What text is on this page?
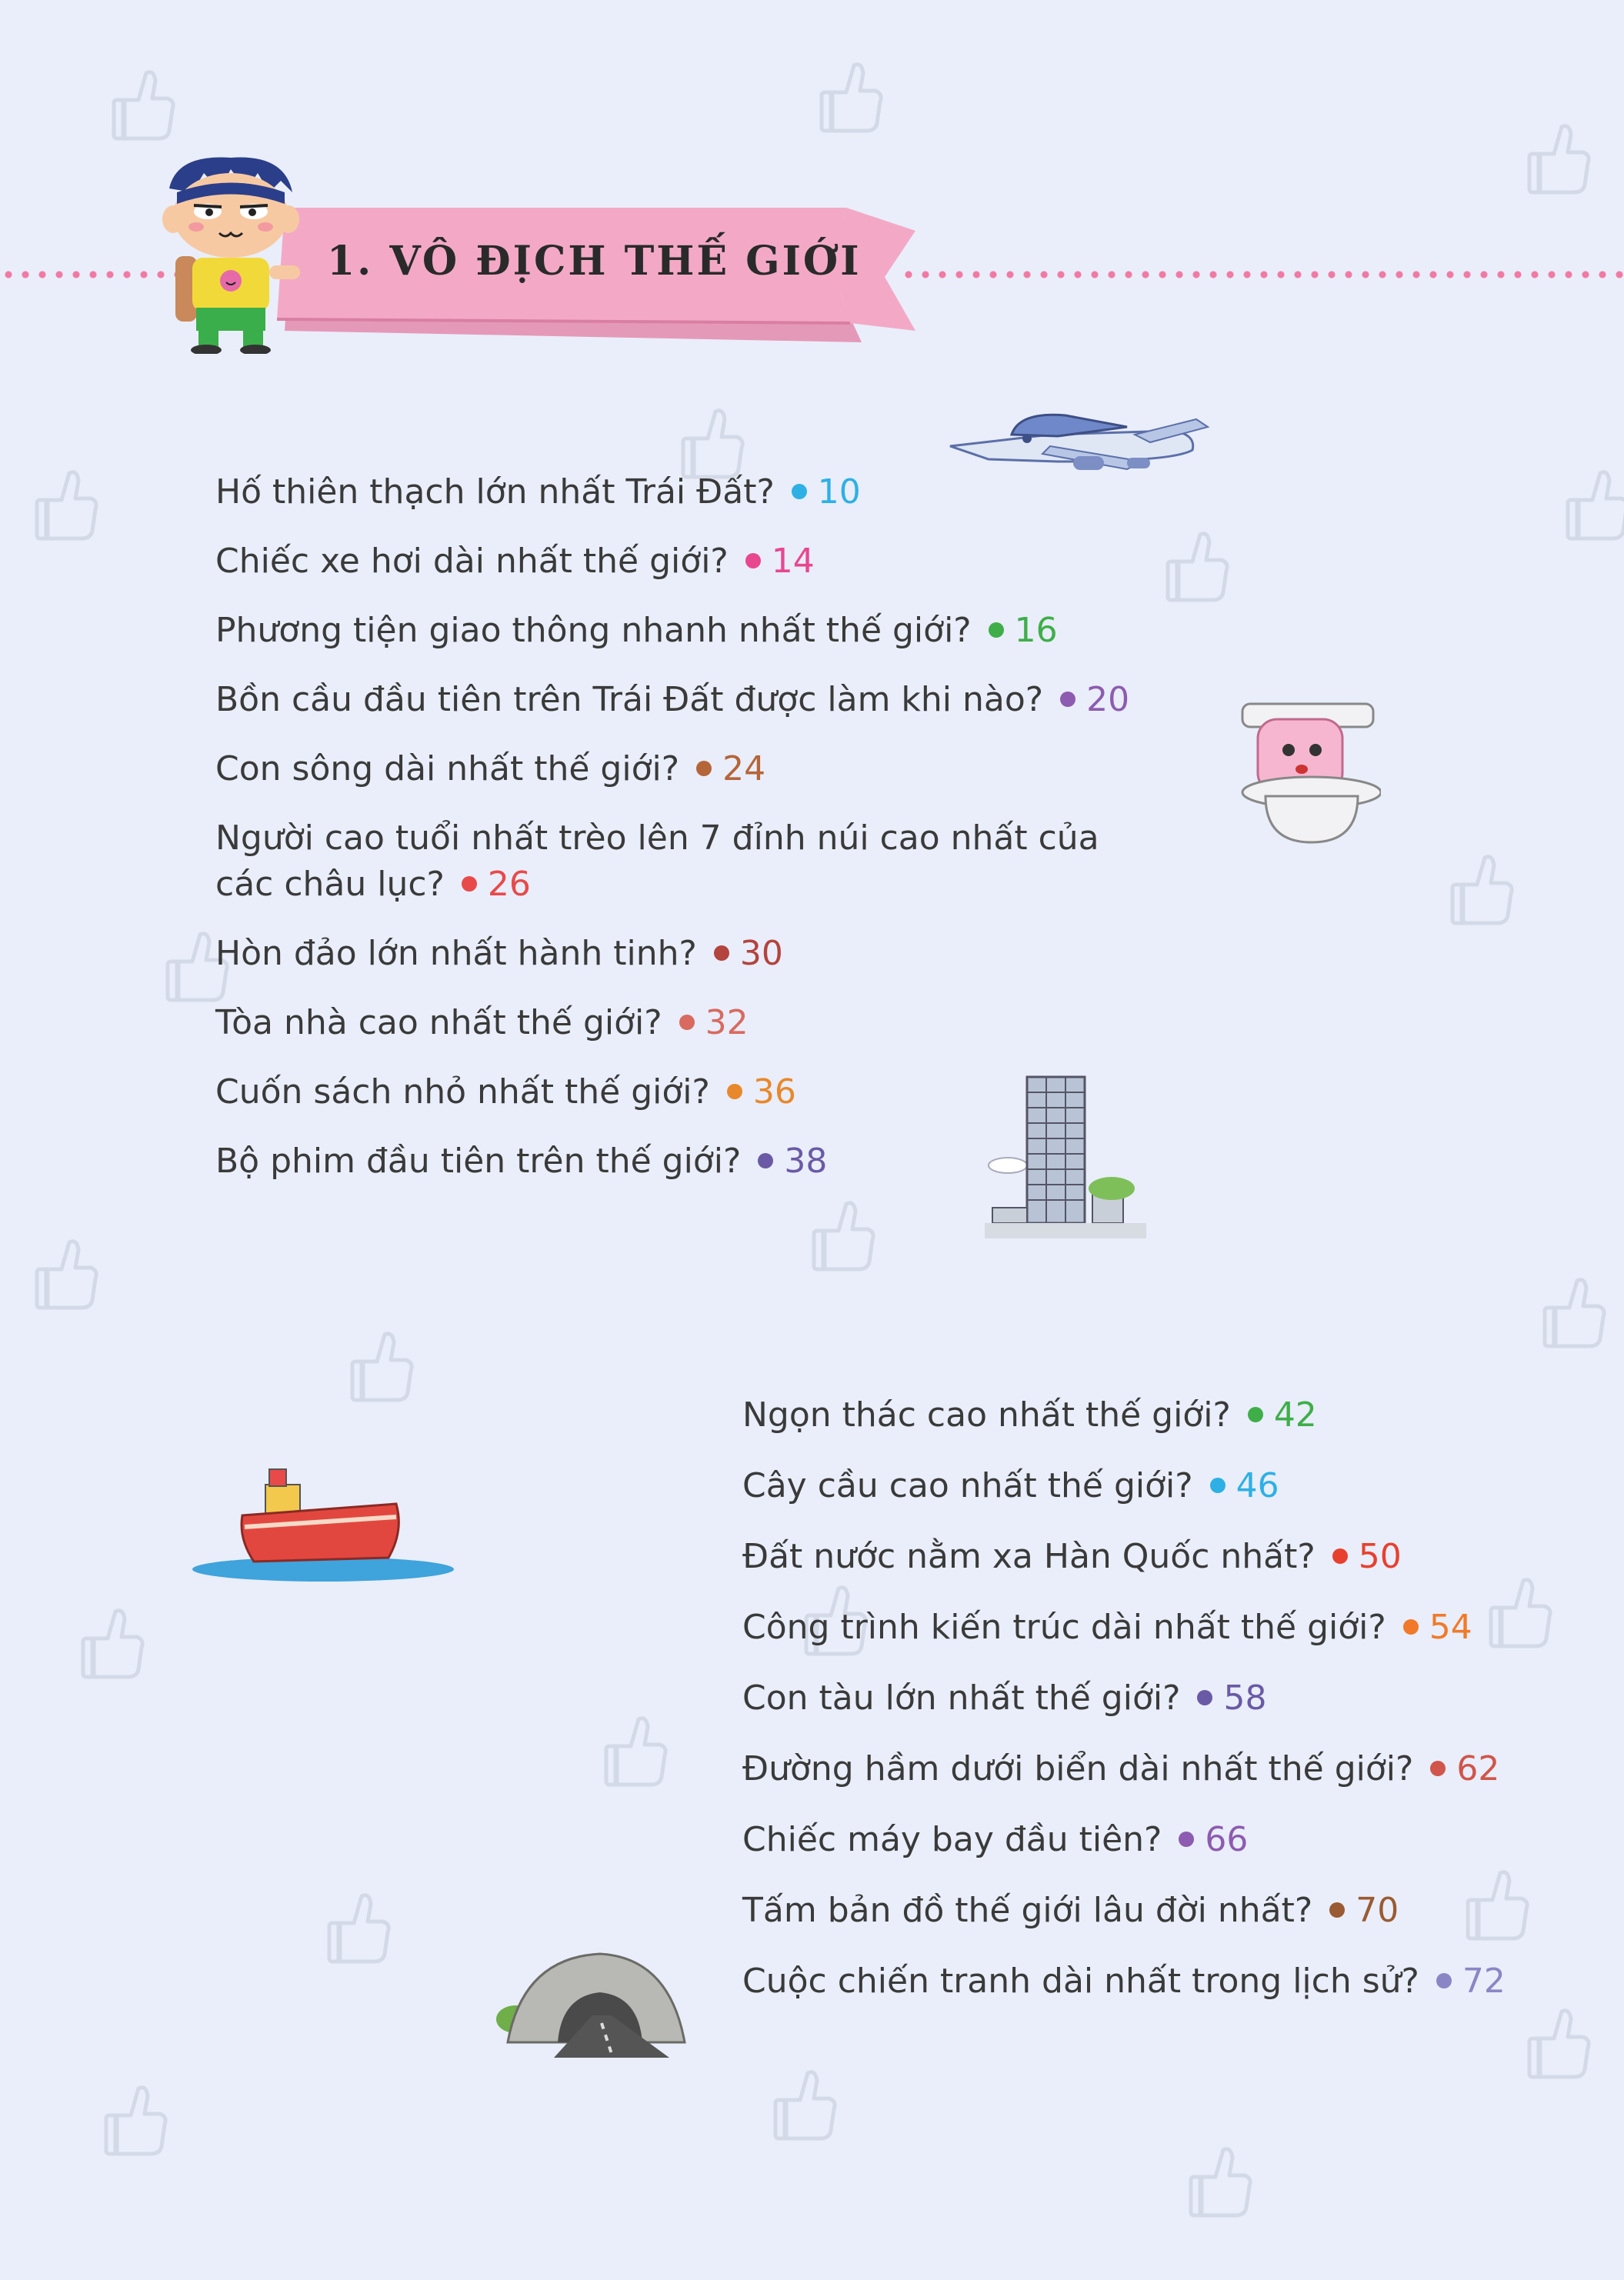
1. VÔ ĐỊCH THẾ GIỚI
Hố thiên thạch lớn nhất Trái Đất? 10
Chiếc xe hơi dài nhất thế giới? 14
Phương tiện giao thông nhanh nhất thế giới? 16
Bồn cầu đầu tiên trên Trái Đất được làm khi nào? 20
Con sông dài nhất thế giới? 24
Người cao tuổi nhất trèo lên 7 đỉnh núi cao nhất của
các châu lục? 26
Hòn đảo lớn nhất hành tinh? 30
Tòa nhà cao nhất thế giới? 32
Cuốn sách nhỏ nhất thế giới? 36
Bộ phim đầu tiên trên thế giới? 38
Ngọn thác cao nhất thế giới? 42
Cây cầu cao nhất thế giới? 46
Đất nước nằm xa Hàn Quốc nhất? 50
Công trình kiến trúc dài nhất thế giới? 54
Con tàu lớn nhất thế giới? 58
Đường hầm dưới biển dài nhất thế giới? 62
Chiếc máy bay đầu tiên? 66
Tấm bản đồ thế giới lâu đời nhất? 70
Cuộc chiến tranh dài nhất trong lịch sử? 72
